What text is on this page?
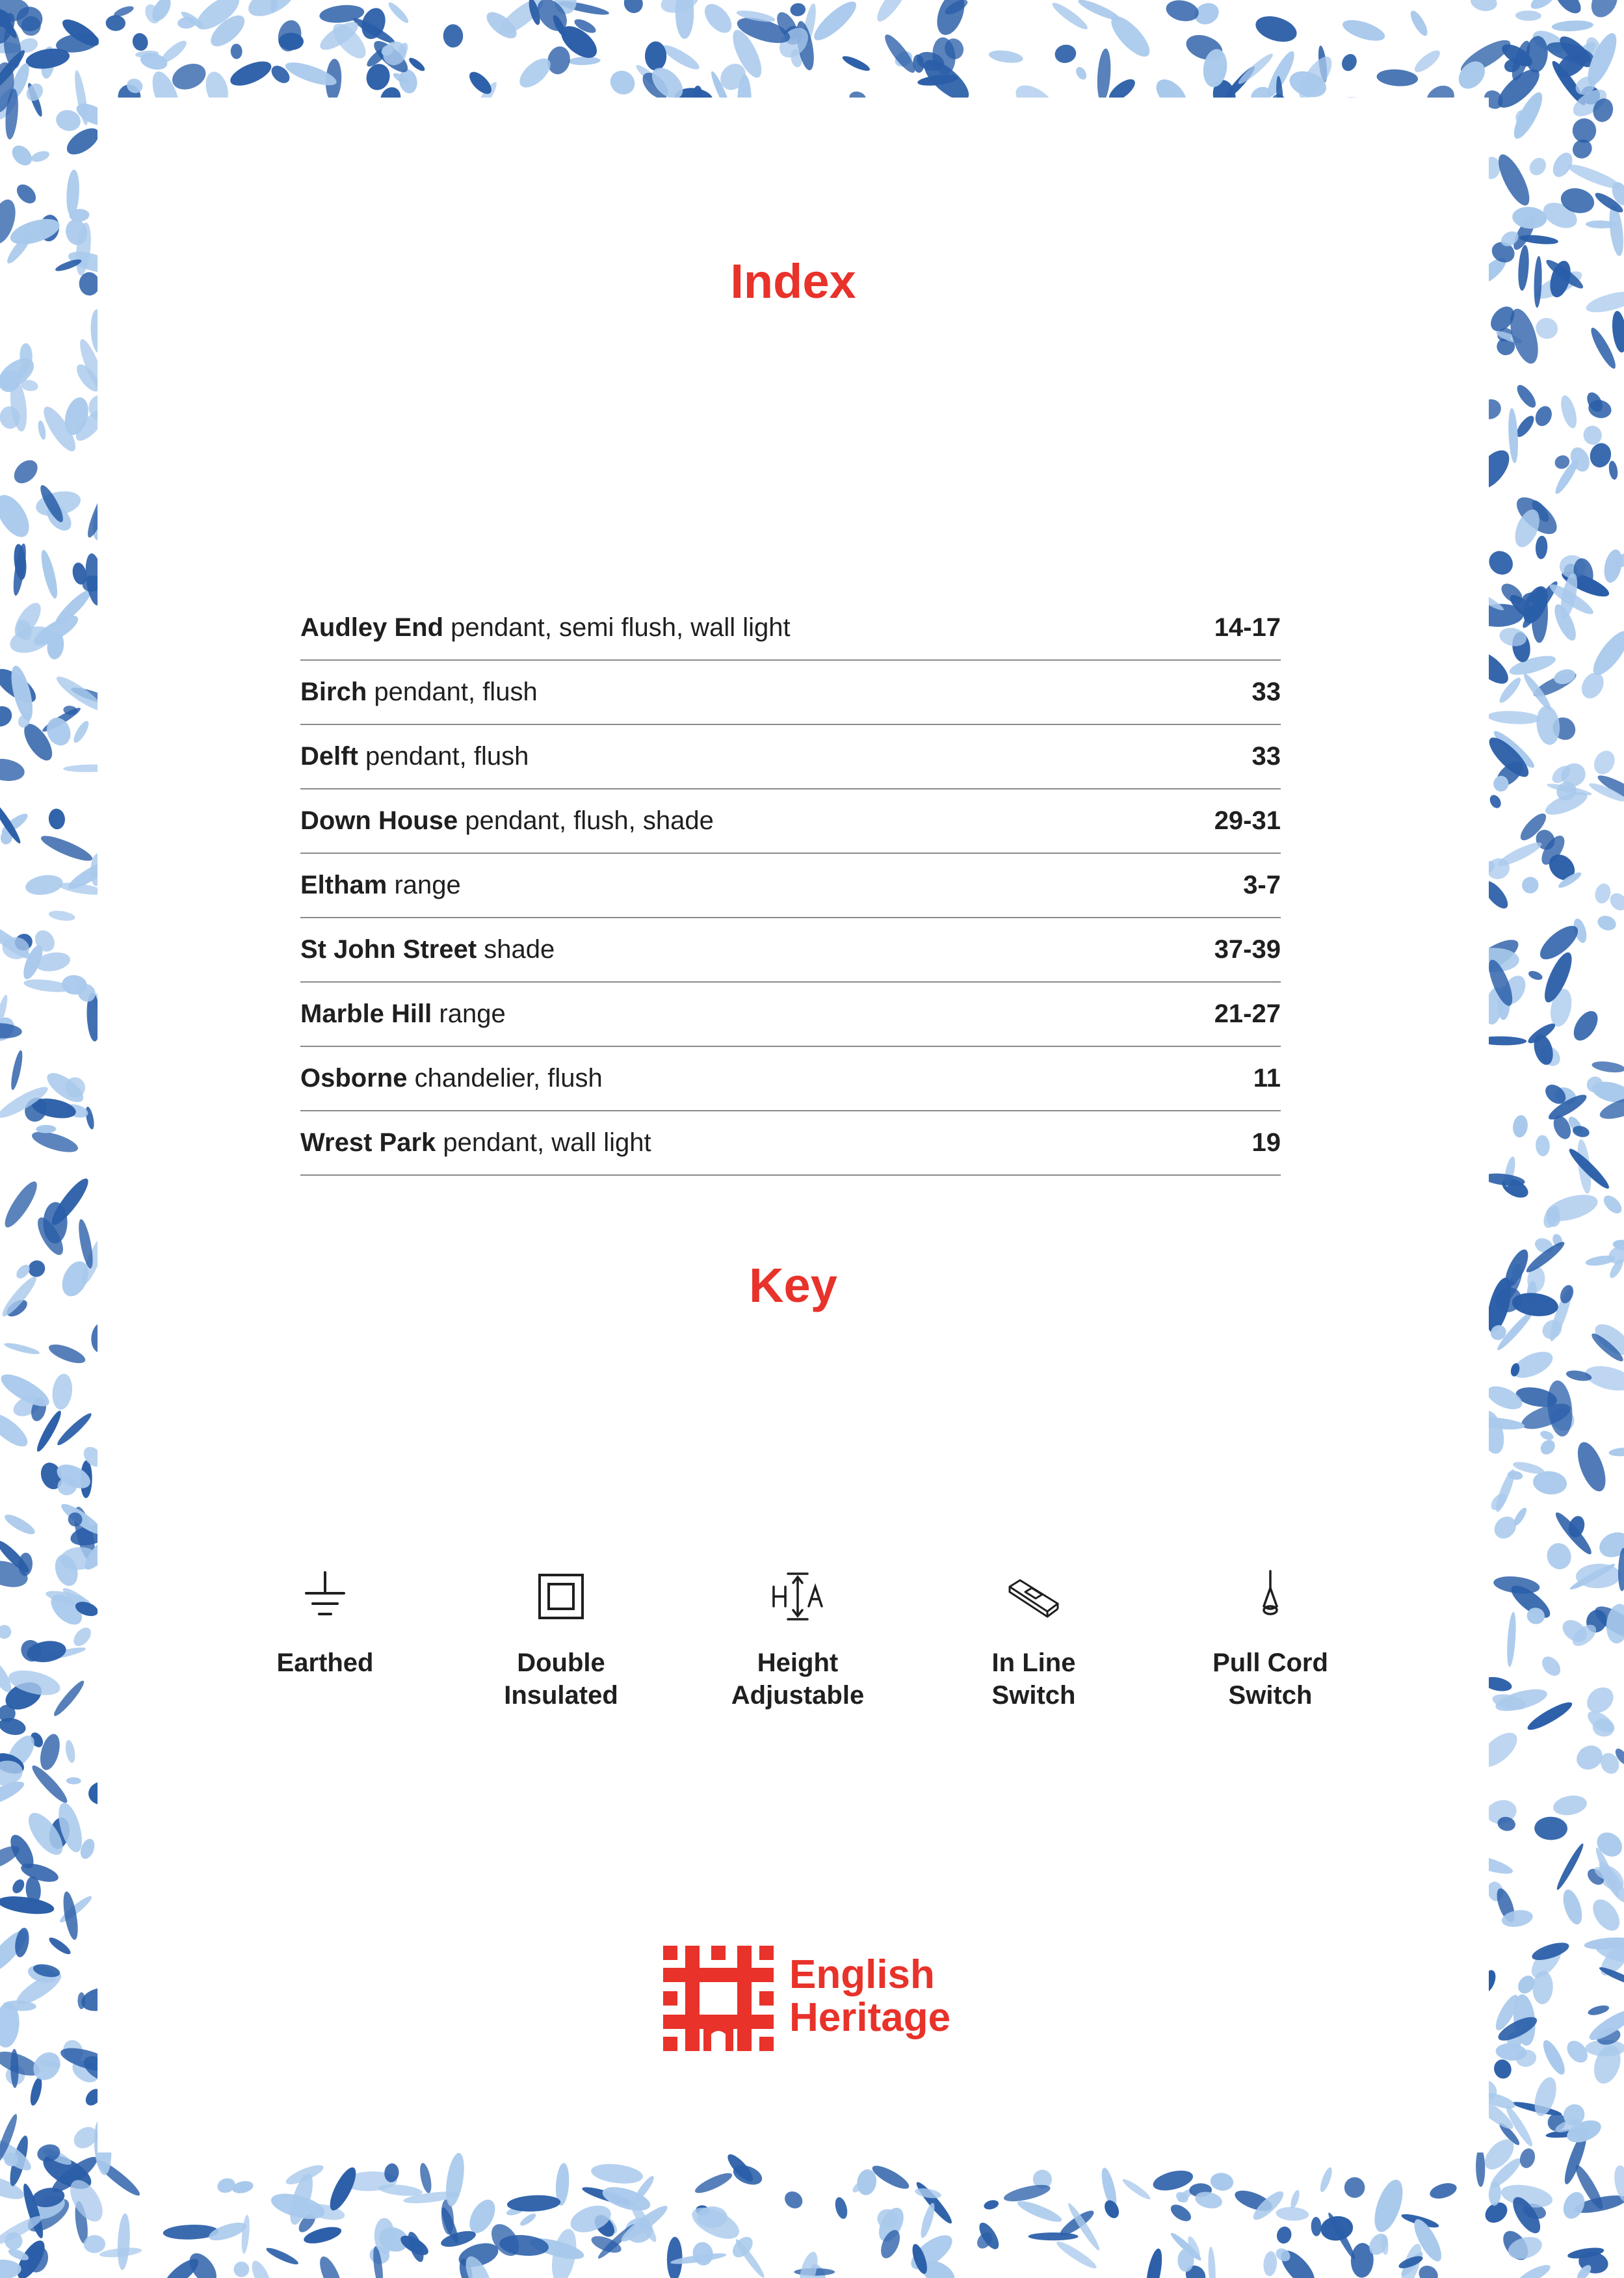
Index
Audley End pendant, semi flush, wall light	14-17
Birch pendant, flush	33
Delft pendant, flush	33
Down House pendant, flush, shade	29-31
Eltham range	3-7
St John Street shade	37-39
Marble Hill range	21-27
Osborne chandelier, flush	11
Wrest Park pendant, wall light	19
Key
Earthed	Double
Insulated
Height
Adjustable
In Line
Switch
Pull Cord
Switch
English
Heritage
